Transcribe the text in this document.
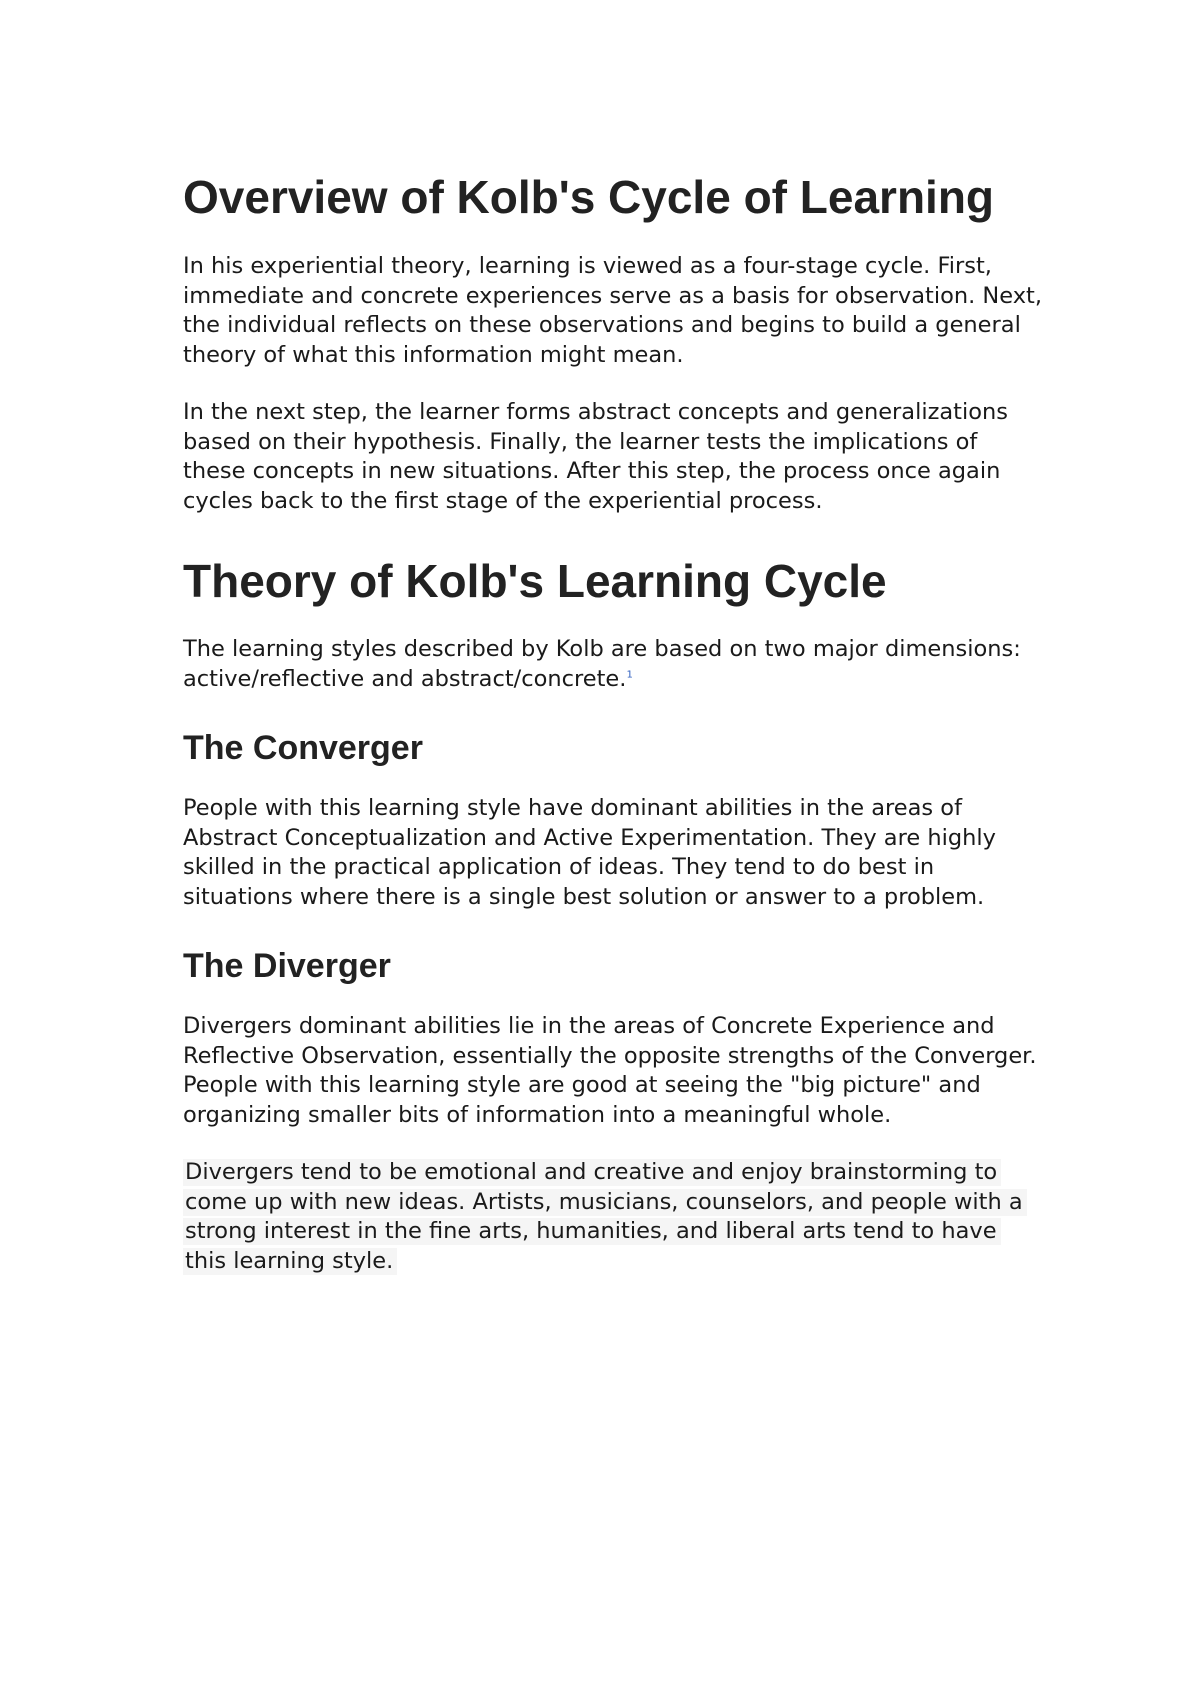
Overview of Kolb's Cycle of Learning

In his experiential theory, learning is viewed as a four-stage cycle. First, immediate and concrete experiences serve as a basis for observation. Next, the individual reflects on these observations and begins to build a general theory of what this information might mean.

In the next step, the learner forms abstract concepts and generalizations based on their hypothesis. Finally, the learner tests the implications of these concepts in new situations. After this step, the process once again cycles back to the first stage of the experiential process.

Theory of Kolb's Learning Cycle

The learning styles described by Kolb are based on two major dimensions: active/reflective and abstract/concrete.$^1$

The Converger

People with this learning style have dominant abilities in the areas of Abstract Conceptualization and Active Experimentation. They are highly skilled in the practical application of ideas. They tend to do best in situations where there is a single best solution or answer to a problem.

The Diverger

Divergers dominant abilities lie in the areas of Concrete Experience and Reflective Observation, essentially the opposite strengths of the Converger. People with this learning style are good at seeing the "big picture" and organizing smaller bits of information into a meaningful whole.

Divergers tend to be emotional and creative and enjoy brainstorming to come up with new ideas. Artists, musicians, counselors, and people with a strong interest in the fine arts, humanities, and liberal arts tend to have this learning style.
